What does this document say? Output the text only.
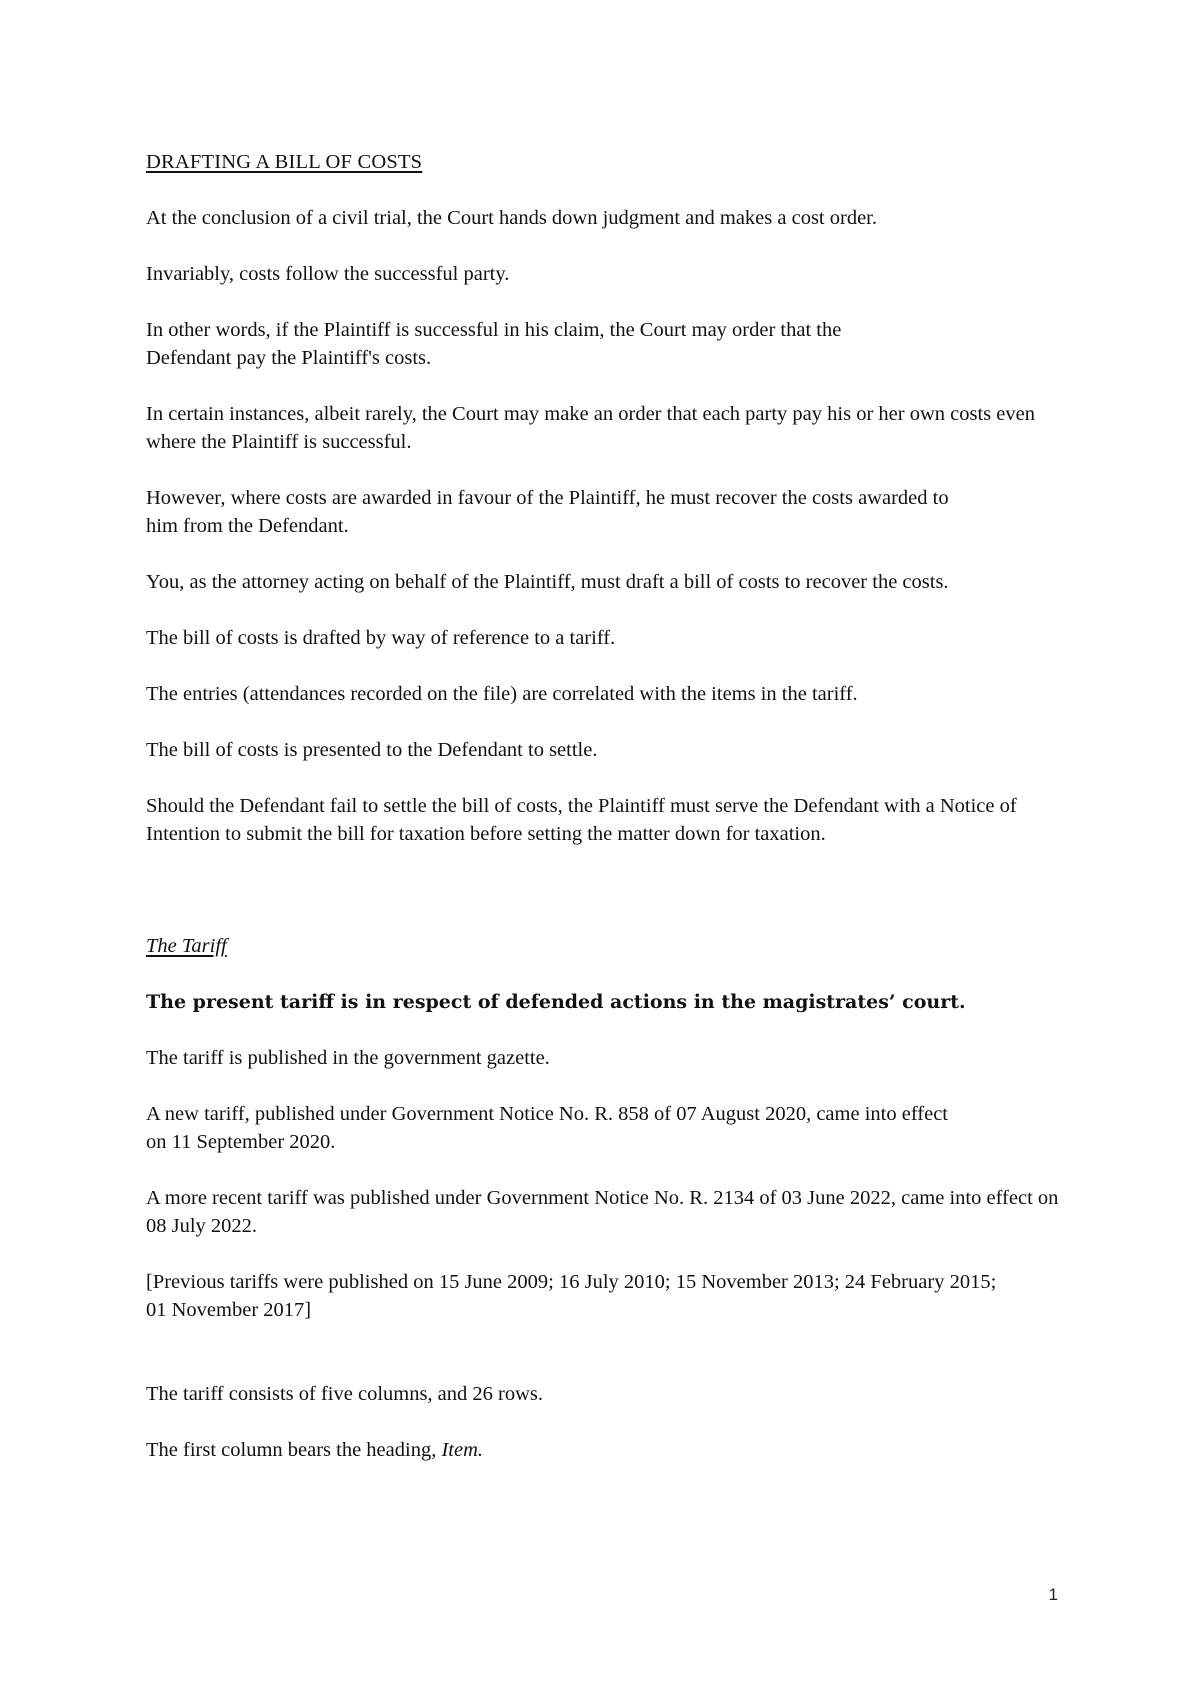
DRAFTING A BILL OF COSTS

At the conclusion of a civil trial, the Court hands down judgment and makes a cost order.

Invariably, costs follow the successful party.

In other words, if the Plaintiff is successful in his claim, the Court may order that the Defendant pay the Plaintiff's costs.

In certain instances, albeit rarely, the Court may make an order that each party pay his or her own costs even where the Plaintiff is successful.

However, where costs are awarded in favour of the Plaintiff, he must recover the costs awarded to him from the Defendant.

You, as the attorney acting on behalf of the Plaintiff, must draft a bill of costs to recover the costs.

The bill of costs is drafted by way of reference to a tariff.

The entries (attendances recorded on the file) are correlated with the items in the tariff.

The bill of costs is presented to the Defendant to settle.

Should the Defendant fail to settle the bill of costs, the Plaintiff must serve the Defendant with a Notice of Intention to submit the bill for taxation before setting the matter down for taxation.

The Tariff

The present tariff is in respect of defended actions in the magistrates’ court.

The tariff is published in the government gazette.

A new tariff, published under Government Notice No. R. 858 of 07 August 2020, came into effect on 11 September 2020.

A more recent tariff was published under Government Notice No. R. 2134 of 03 June 2022, came into effect on 08 July 2022.

[Previous tariffs were published on 15 June 2009; 16 July 2010; 15 November 2013; 24 February 2015; 01 November 2017]

The tariff consists of five columns, and 26 rows.

The first column bears the heading, Item.

1
